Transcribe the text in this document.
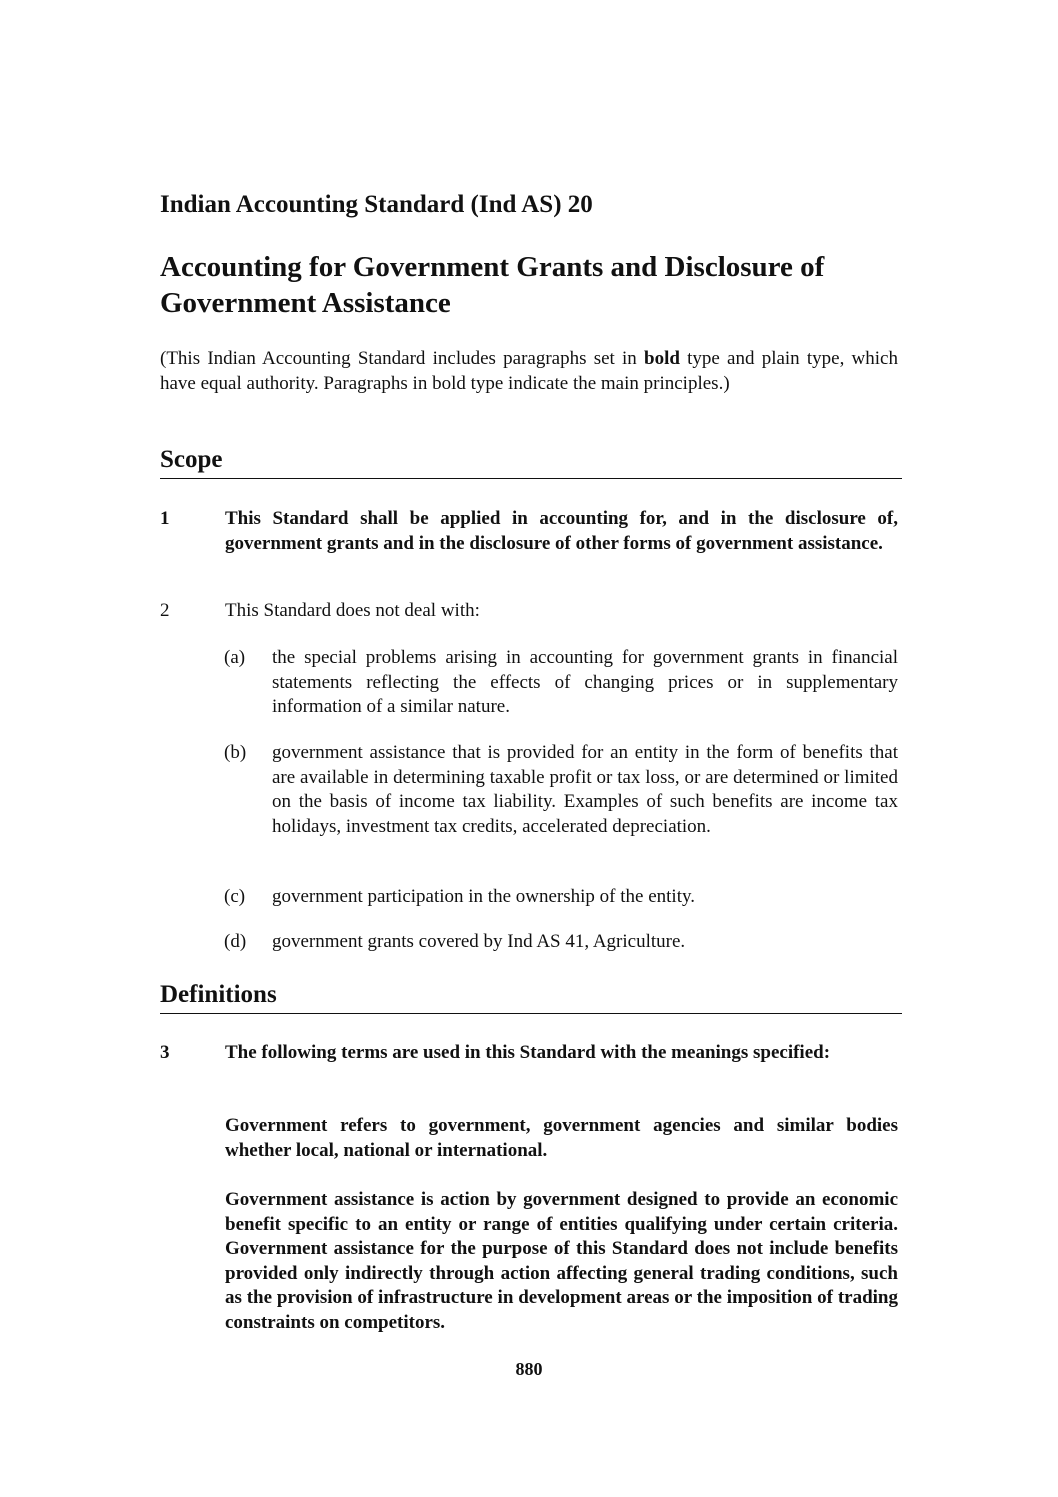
Indian Accounting Standard (Ind AS) 20
Accounting for Government Grants and Disclosure of Government Assistance

(This Indian Accounting Standard includes paragraphs set in bold type and plain type, which have equal authority. Paragraphs in bold type indicate the main principles.)

Scope
1	This Standard shall be applied in accounting for, and in the disclosure of, government grants and in the disclosure of other forms of government assistance.
2	This Standard does not deal with:
(a) the special problems arising in accounting for government grants in financial statements reflecting the effects of changing prices or in supplementary information of a similar nature.
(b) government assistance that is provided for an entity in the form of benefits that are available in determining taxable profit or tax loss, or are determined or limited on the basis of income tax liability. Examples of such benefits are income tax holidays, investment tax credits, accelerated depreciation.
(c) government participation in the ownership of the entity.
(d) government grants covered by Ind AS 41, Agriculture.
Definitions
3	The following terms are used in this Standard with the meanings specified:
Government refers to government, government agencies and similar bodies whether local, national or international.
Government assistance is action by government designed to provide an economic benefit specific to an entity or range of entities qualifying under certain criteria. Government assistance for the purpose of this Standard does not include benefits provided only indirectly through action affecting general trading conditions, such as the provision of infrastructure in development areas or the imposition of trading constraints on competitors.
880
